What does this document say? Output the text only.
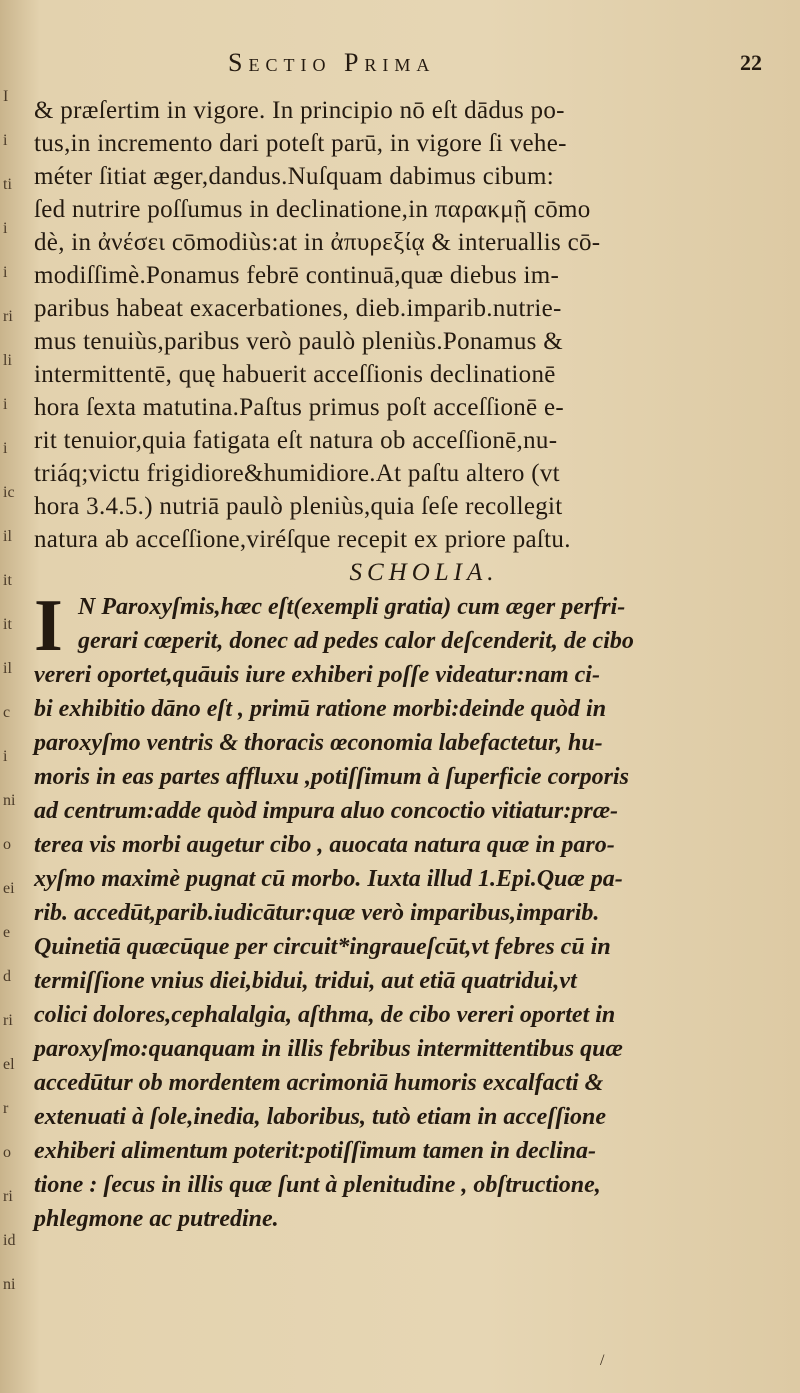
I
i
ti
i
i
ri
li
i
i
ic
il
it
it
il
c
i
ni
o
ei
e
d
ri
el
r
o
ri
id
ni
Sectio Prima	22
& præſertim in vigore. In principio nō eſt dādus po-
tus,in incremento dari poteſt parū, in vigore ſi vehe-
méter ſitiat æger,dandus.Nuſquam dabimus cibum:
ſed nutrire poſſumus in declinatione,in παρακμῇ cōmo
dè, in ἀνέσει cōmodiùs:at in ἀπυρεξίᾳ & interuallis cō-
modiſſimè.Ponamus febrē continuā,quæ diebus im-
paribus habeat exacerbationes, dieb.imparib.nutrie-
mus tenuiùs,paribus verò paulò pleniùs.Ponamus &
intermittentē, quę habuerit acceſſionis declinationē
hora ſexta matutina.Paſtus primus poſt acceſſionē e-
rit tenuior,quia fatigata eſt natura ob acceſſionē,nu-
triáq;victu frigidiore&humidiore.At paſtu altero (vt
hora 3.4.5.) nutriā paulò pleniùs,quia ſeſe recollegit
natura ab acceſſione,viréſque recepit ex priore paſtu.
SCHOLIA.
I N Paroxyſmis,hæc eſt(exempli gratia) cum æger perfri-
gerari cœperit, donec ad pedes calor deſcenderit, de cibo
vereri oportet,quāuis iure exhiberi poſſe videatur:nam ci-
bi exhibitio dāno eſt , primū ratione morbi:deinde quòd in
paroxyſmo ventris & thoracis œconomia labefactetur, hu-
moris in eas partes affluxu ,potiſſimum à ſuperficie corporis
ad centrum:adde quòd impura aluo concoctio vitiatur:præ-
terea vis morbi augetur cibo , auocata natura quæ in paro-
xyſmo maximè pugnat cū morbo. Iuxta illud 1.Epi.Quæ pa-
rib. accedūt,parib.iudicātur:quæ verò imparibus,imparib.
Quinetiā quæcūque per circuit*ingraueſcūt,vt febres cū in
termiſſione vnius diei,bidui, tridui, aut etiā quatridui,vt
colici dolores,cephalalgia, aſthma, de cibo vereri oportet in
paroxyſmo:quanquam in illis febribus intermittentibus quæ
accedūtur ob mordentem acrimoniā humoris excalfacti &
extenuati à ſole,inedia, laboribus, tutò etiam in acceſſione
exhiberi alimentum poterit:potiſſimum tamen in declina-
tione : ſecus in illis quæ ſunt à plenitudine , obſtructione,
phlegmone ac putredine.
/
